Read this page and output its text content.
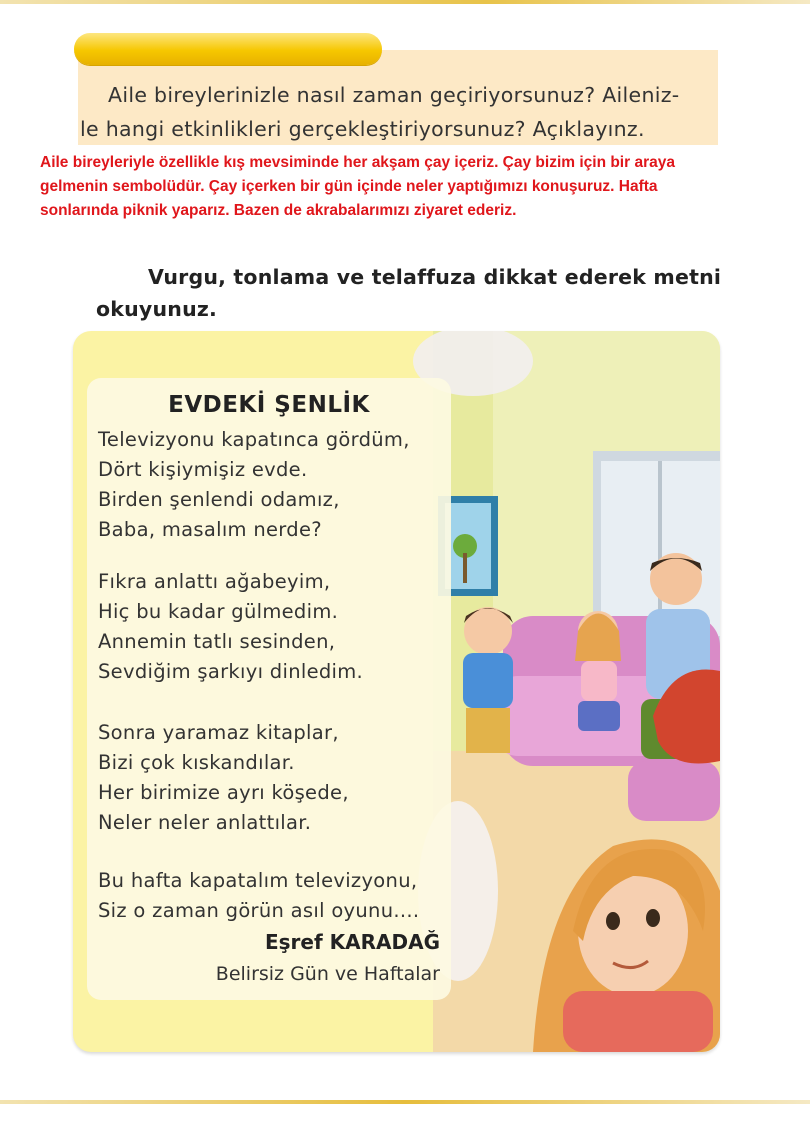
Aile bireylerinizle nasıl zaman geçiriyorsunuz? Aileniz-
le hangi etkinlikleri gerçekleştiriyorsunuz? Açıklayınz.
Aile bireyleriyle özellikle kış mevsiminde her akşam çay içeriz. Çay bizim için bir araya
gelmenin sembolüdür. Çay içerken bir gün içinde neler yaptığımızı konuşuruz. Hafta
sonlarında piknik yaparız. Bazen de akrabalarımızı ziyaret ederiz.
Vurgu, tonlama ve telaffuza dikkat ederek metni
okuyunuz.
EVDEKİ ŞENLİK
Televizyonu kapatınca gördüm,
Dört kişiymişiz evde.
Birden şenlendi odamız,
Baba, masalım nerde?
Fıkra anlattı ağabeyim,
Hiç bu kadar gülmedim.
Annemin tatlı sesinden,
Sevdiğim şarkıyı dinledim.
Sonra yaramaz kitaplar,
Bizi çok kıskandılar.
Her birimize ayrı köşede,
Neler neler anlattılar.
Bu hafta kapatalım televizyonu,
Siz o zaman görün asıl oyunu....
Eşref KARADAĞ
Belirsiz Gün ve Haftalar
